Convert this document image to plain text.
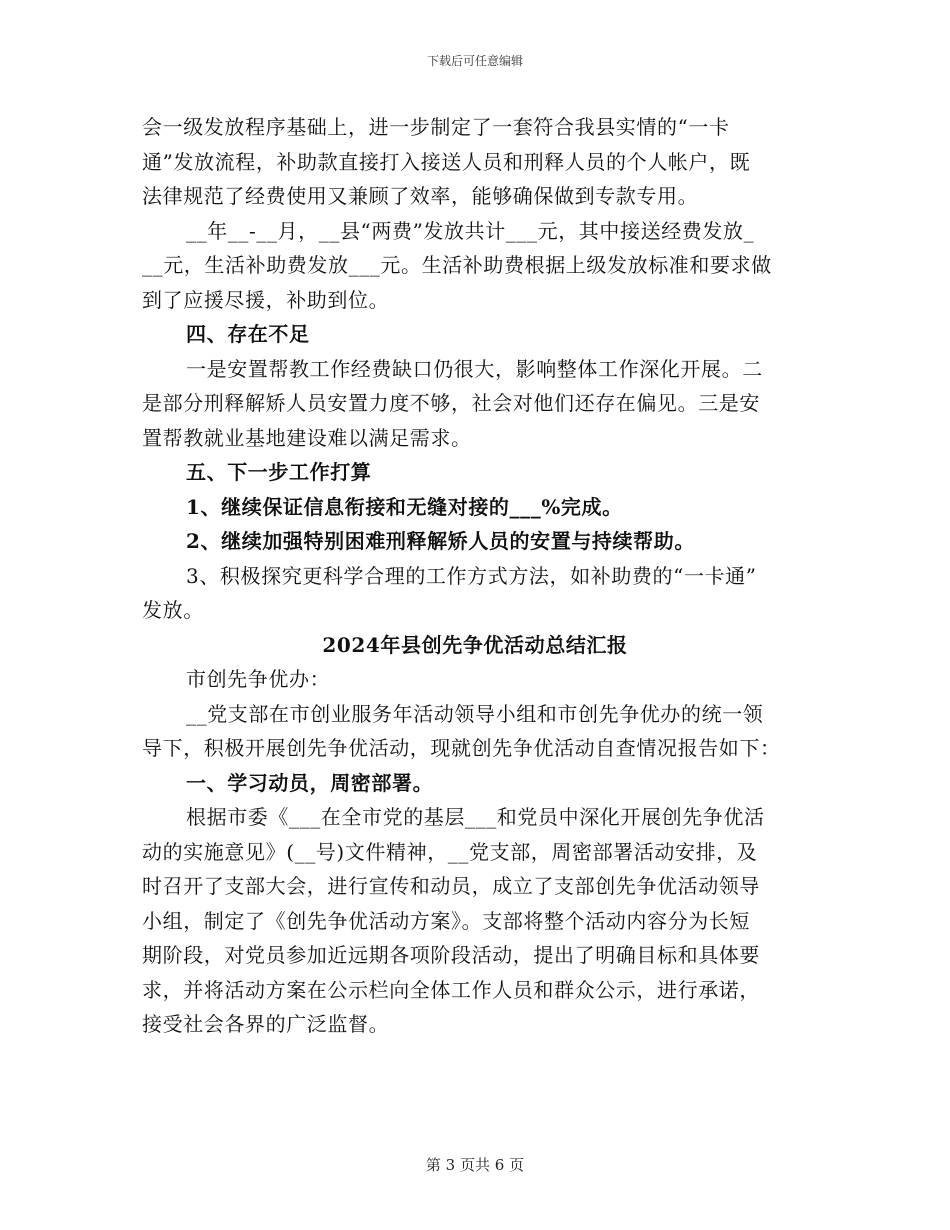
下载后可任意编辑

会一级发放程序基础上，进一步制定了一套符合我县实情的“一卡
通”发放流程，补助款直接打入接送人员和刑释人员的个人帐户，既
法律规范了经费使用又兼顾了效率，能够确保做到专款专用。

__年__-__月，__县“两费”发放共计___元，其中接送经费发放_
__元，生活补助费发放___元。生活补助费根据上级发放标准和要求做
到了应援尽援，补助到位。

四、存在不足

一是安置帮教工作经费缺口仍很大，影响整体工作深化开展。二
是部分刑释解矫人员安置力度不够，社会对他们还存在偏见。三是安
置帮教就业基地建设难以满足需求。

五、下一步工作打算

1、继续保证信息衔接和无缝对接的___%完成。

2、继续加强特别困难刑释解矫人员的安置与持续帮助。

3、积极探究更科学合理的工作方式方法，如补助费的“一卡通”
发放。

2024年县创先争优活动总结汇报

市创先争优办：

__党支部在市创业服务年活动领导小组和市创先争优办的统一领
导下，积极开展创先争优活动，现就创先争优活动自查情况报告如下：

一、学习动员，周密部署。

根据市委《___在全市党的基层___和党员中深化开展创先争优活
动的实施意见》(__号)文件精神，__党支部，周密部署活动安排，及
时召开了支部大会，进行宣传和动员，成立了支部创先争优活动领导
小组，制定了《创先争优活动方案》。支部将整个活动内容分为长短
期阶段，对党员参加近远期各项阶段活动，提出了明确目标和具体要
求，并将活动方案在公示栏向全体工作人员和群众公示，进行承诺，
接受社会各界的广泛监督。

第 3 页共 6 页
